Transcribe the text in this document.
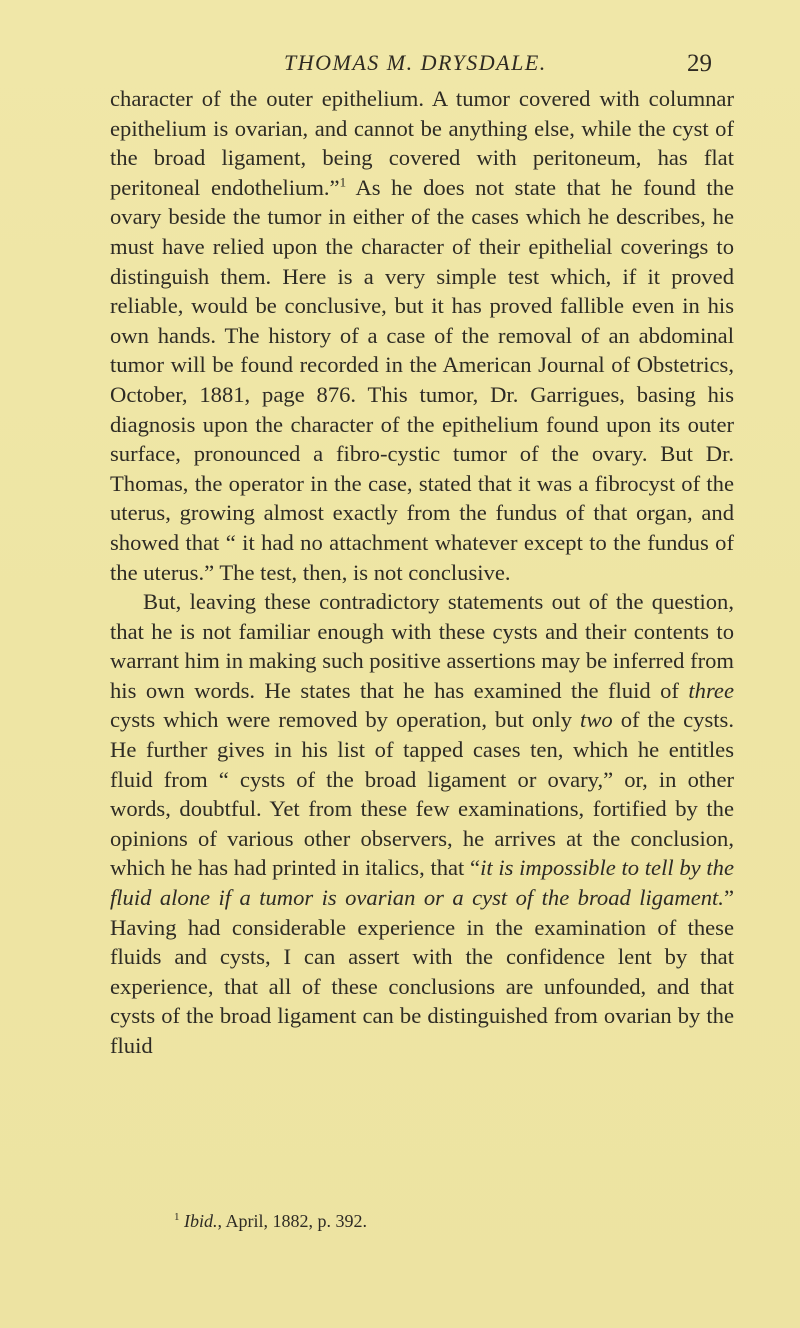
THOMAS M. DRYSDALE.	29

character of the outer epithelium. A tumor covered with columnar epithelium is ovarian, and cannot be anything else, while the cyst of the broad ligament, being covered with peritoneum, has flat peritoneal endothelium.”$^1$ As he does not state that he found the ovary beside the tumor in either of the cases which he describes, he must have relied upon the character of their epithelial coverings to distinguish them. Here is a very simple test which, if it proved reliable, would be conclusive, but it has proved fallible even in his own hands. The history of a case of the removal of an abdominal tumor will be found recorded in the American Journal of Obstetrics, October, 1881, page 876. This tumor, Dr. Garrigues, basing his diagnosis upon the character of the epithelium found upon its outer surface, pronounced a fibro-cystic tumor of the ovary. But Dr. Thomas, the operator in the case, stated that it was a fibrocyst of the uterus, growing almost exactly from the fundus of that organ, and showed that “ it had no attachment whatever except to the fundus of the uterus.” The test, then, is not conclusive.

But, leaving these contradictory statements out of the question, that he is not familiar enough with these cysts and their contents to warrant him in making such positive assertions may be inferred from his own words. He states that he has examined the fluid of three cysts which were removed by operation, but only two of the cysts. He further gives in his list of tapped cases ten, which he entitles fluid from “ cysts of the broad ligament or ovary,” or, in other words, doubtful. Yet from these few examinations, fortified by the opinions of various other observers, he arrives at the conclusion, which he has had printed in italics, that “it is impossible to tell by the fluid alone if a tumor is ovarian or a cyst of the broad ligament.” Having had considerable experience in the examination of these fluids and cysts, I can assert with the confidence lent by that experience, that all of these conclusions are unfounded, and that cysts of the broad ligament can be distinguished from ovarian by the fluid

$^1$ Ibid., April, 1882, p. 392.
